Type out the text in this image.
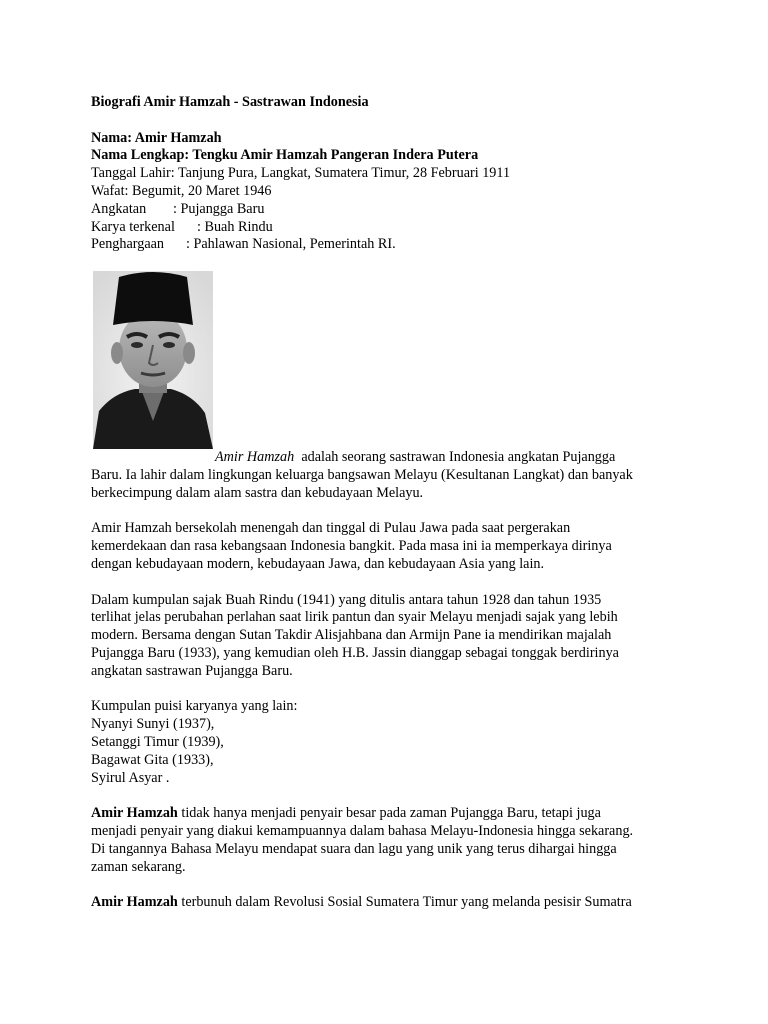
Biografi Amir Hamzah - Sastrawan Indonesia
Nama: Amir Hamzah
Nama Lengkap: Tengku Amir Hamzah Pangeran Indera Putera
Tanggal Lahir: Tanjung Pura, Langkat, Sumatera Timur, 28 Februari 1911
Wafat: Begumit, 20 Maret 1946
Angkatan : Pujangga Baru
Karya terkenal : Buah Rindu
Penghargaan : Pahlawan Nasional, Pemerintah RI.
Amir Hamzah adalah seorang sastrawan Indonesia angkatan Pujangga
Baru. Ia lahir dalam lingkungan keluarga bangsawan Melayu (Kesultanan Langkat) dan banyak
berkecimpung dalam alam sastra dan kebudayaan Melayu.
Amir Hamzah bersekolah menengah dan tinggal di Pulau Jawa pada saat pergerakan
kemerdekaan dan rasa kebangsaan Indonesia bangkit. Pada masa ini ia memperkaya dirinya
dengan kebudayaan modern, kebudayaan Jawa, dan kebudayaan Asia yang lain.
Dalam kumpulan sajak Buah Rindu (1941) yang ditulis antara tahun 1928 dan tahun 1935
terlihat jelas perubahan perlahan saat lirik pantun dan syair Melayu menjadi sajak yang lebih
modern. Bersama dengan Sutan Takdir Alisjahbana dan Armijn Pane ia mendirikan majalah
Pujangga Baru (1933), yang kemudian oleh H.B. Jassin dianggap sebagai tonggak berdirinya
angkatan sastrawan Pujangga Baru.
Kumpulan puisi karyanya yang lain:
Nyanyi Sunyi (1937),
Setanggi Timur (1939),
Bagawat Gita (1933),
Syirul Asyar .
Amir Hamzah tidak hanya menjadi penyair besar pada zaman Pujangga Baru, tetapi juga
menjadi penyair yang diakui kemampuannya dalam bahasa Melayu-Indonesia hingga sekarang.
Di tangannya Bahasa Melayu mendapat suara dan lagu yang unik yang terus dihargai hingga
zaman sekarang.
Amir Hamzah terbunuh dalam Revolusi Sosial Sumatera Timur yang melanda pesisir Sumatra
